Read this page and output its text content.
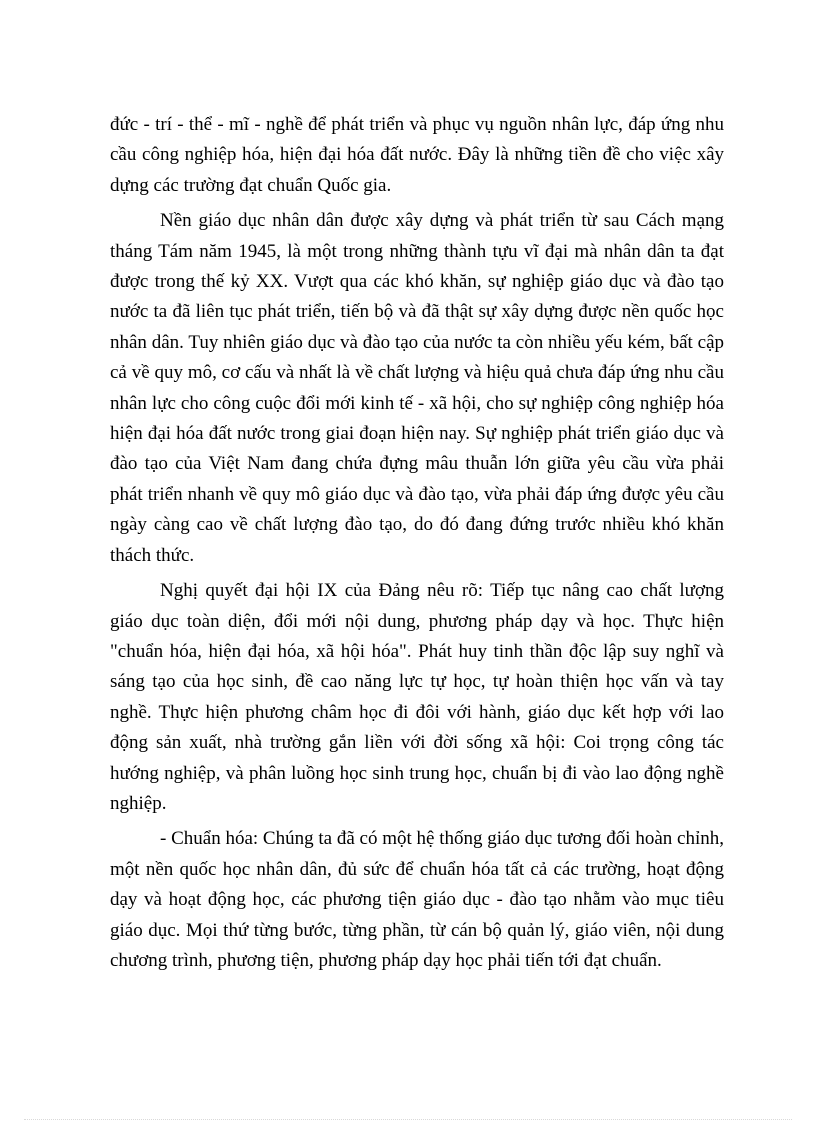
đức - trí - thể - mĩ - nghề để phát triển và phục vụ nguồn nhân lực, đáp ứng nhu cầu công nghiệp hóa, hiện đại hóa đất nước. Đây là những tiền đề cho việc xây dựng các trường đạt chuẩn Quốc gia.

Nền giáo dục nhân dân được xây dựng và phát triển từ sau Cách mạng tháng Tám năm 1945, là một trong những thành tựu vĩ đại mà nhân dân ta đạt được trong thế kỷ XX. Vượt qua các khó khăn, sự nghiệp giáo dục và đào tạo nước ta đã liên tục phát triển, tiến bộ và đã thật sự xây dựng được nền quốc học nhân dân. Tuy nhiên giáo dục và đào tạo của nước ta còn nhiều yếu kém, bất cập cả về quy mô, cơ cấu và nhất là về chất lượng và hiệu quả chưa đáp ứng nhu cầu nhân lực cho công cuộc đổi mới kinh tế - xã hội, cho sự nghiệp công nghiệp hóa hiện đại hóa đất nước trong giai đoạn hiện nay. Sự nghiệp phát triển giáo dục và đào tạo của Việt Nam đang chứa đựng mâu thuẫn lớn giữa yêu cầu vừa phải phát triển nhanh về quy mô giáo dục và đào tạo, vừa phải đáp ứng được yêu cầu ngày càng cao về chất lượng đào tạo, do đó đang đứng trước nhiều khó khăn thách thức.

Nghị quyết đại hội IX của Đảng nêu rõ: Tiếp tục nâng cao chất lượng giáo dục toàn diện, đổi mới nội dung, phương pháp dạy và học. Thực hiện "chuẩn hóa, hiện đại hóa, xã hội hóa". Phát huy tinh thần độc lập suy nghĩ và sáng tạo của học sinh, đề cao năng lực tự học, tự hoàn thiện học vấn và tay nghề. Thực hiện phương châm học đi đôi với hành, giáo dục kết hợp với lao động sản xuất, nhà trường gắn liền với đời sống xã hội: Coi trọng công tác hướng nghiệp, và phân luồng học sinh trung học, chuẩn bị đi vào lao động nghề nghiệp.

- Chuẩn hóa: Chúng ta đã có một hệ thống giáo dục tương đối hoàn chỉnh, một nền quốc học nhân dân, đủ sức để chuẩn hóa tất cả các trường, hoạt động dạy và hoạt động học, các phương tiện giáo dục - đào tạo nhằm vào mục tiêu giáo dục. Mọi thứ từng bước, từng phần, từ cán bộ quản lý, giáo viên, nội dung chương trình, phương tiện, phương pháp dạy học phải tiến tới đạt chuẩn.
